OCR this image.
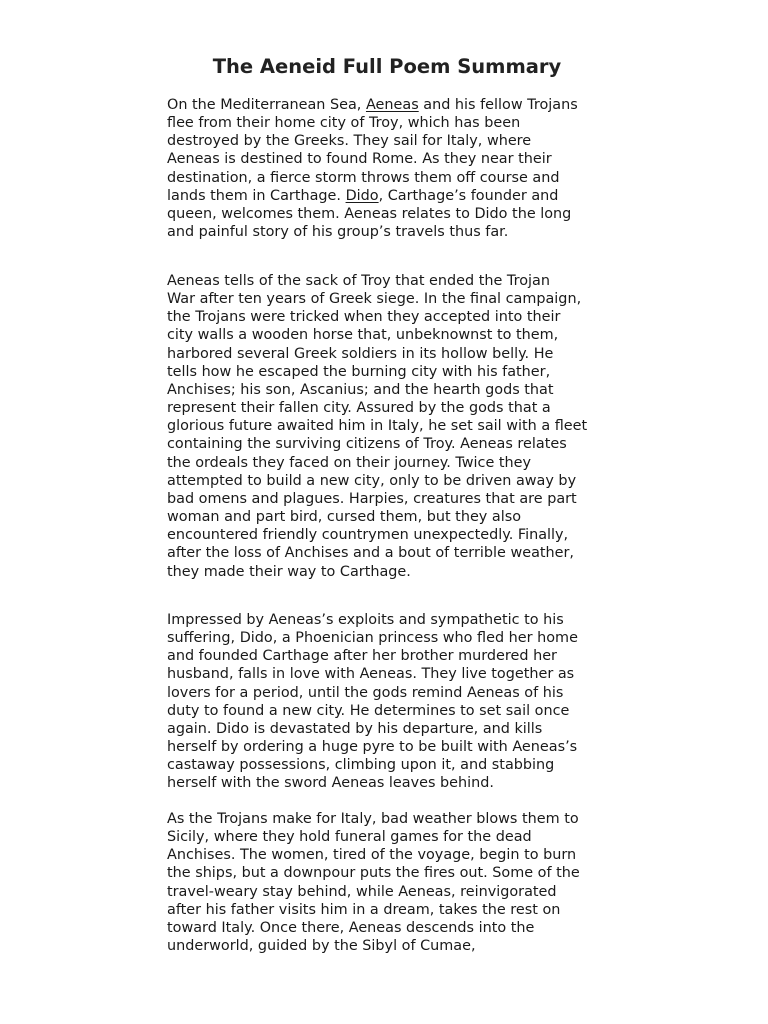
The Aeneid Full Poem Summary

On the Mediterranean Sea, Aeneas and his fellow Trojans
flee from their home city of Troy, which has been
destroyed by the Greeks. They sail for Italy, where
Aeneas is destined to found Rome. As they near their
destination, a fierce storm throws them off course and
lands them in Carthage. Dido, Carthage’s founder and
queen, welcomes them. Aeneas relates to Dido the long
and painful story of his group’s travels thus far.

Aeneas tells of the sack of Troy that ended the Trojan
War after ten years of Greek siege. In the final campaign,
the Trojans were tricked when they accepted into their
city walls a wooden horse that, unbeknownst to them,
harbored several Greek soldiers in its hollow belly. He
tells how he escaped the burning city with his father,
Anchises; his son, Ascanius; and the hearth gods that
represent their fallen city. Assured by the gods that a
glorious future awaited him in Italy, he set sail with a fleet
containing the surviving citizens of Troy. Aeneas relates
the ordeals they faced on their journey. Twice they
attempted to build a new city, only to be driven away by
bad omens and plagues. Harpies, creatures that are part
woman and part bird, cursed them, but they also
encountered friendly countrymen unexpectedly. Finally,
after the loss of Anchises and a bout of terrible weather,
they made their way to Carthage.

Impressed by Aeneas’s exploits and sympathetic to his
suffering, Dido, a Phoenician princess who fled her home
and founded Carthage after her brother murdered her
husband, falls in love with Aeneas. They live together as
lovers for a period, until the gods remind Aeneas of his
duty to found a new city. He determines to set sail once
again. Dido is devastated by his departure, and kills
herself by ordering a huge pyre to be built with Aeneas’s
castaway possessions, climbing upon it, and stabbing
herself with the sword Aeneas leaves behind.

As the Trojans make for Italy, bad weather blows them to
Sicily, where they hold funeral games for the dead
Anchises. The women, tired of the voyage, begin to burn
the ships, but a downpour puts the fires out. Some of the
travel-weary stay behind, while Aeneas, reinvigorated
after his father visits him in a dream, takes the rest on
toward Italy. Once there, Aeneas descends into the
underworld, guided by the Sibyl of Cumae,
